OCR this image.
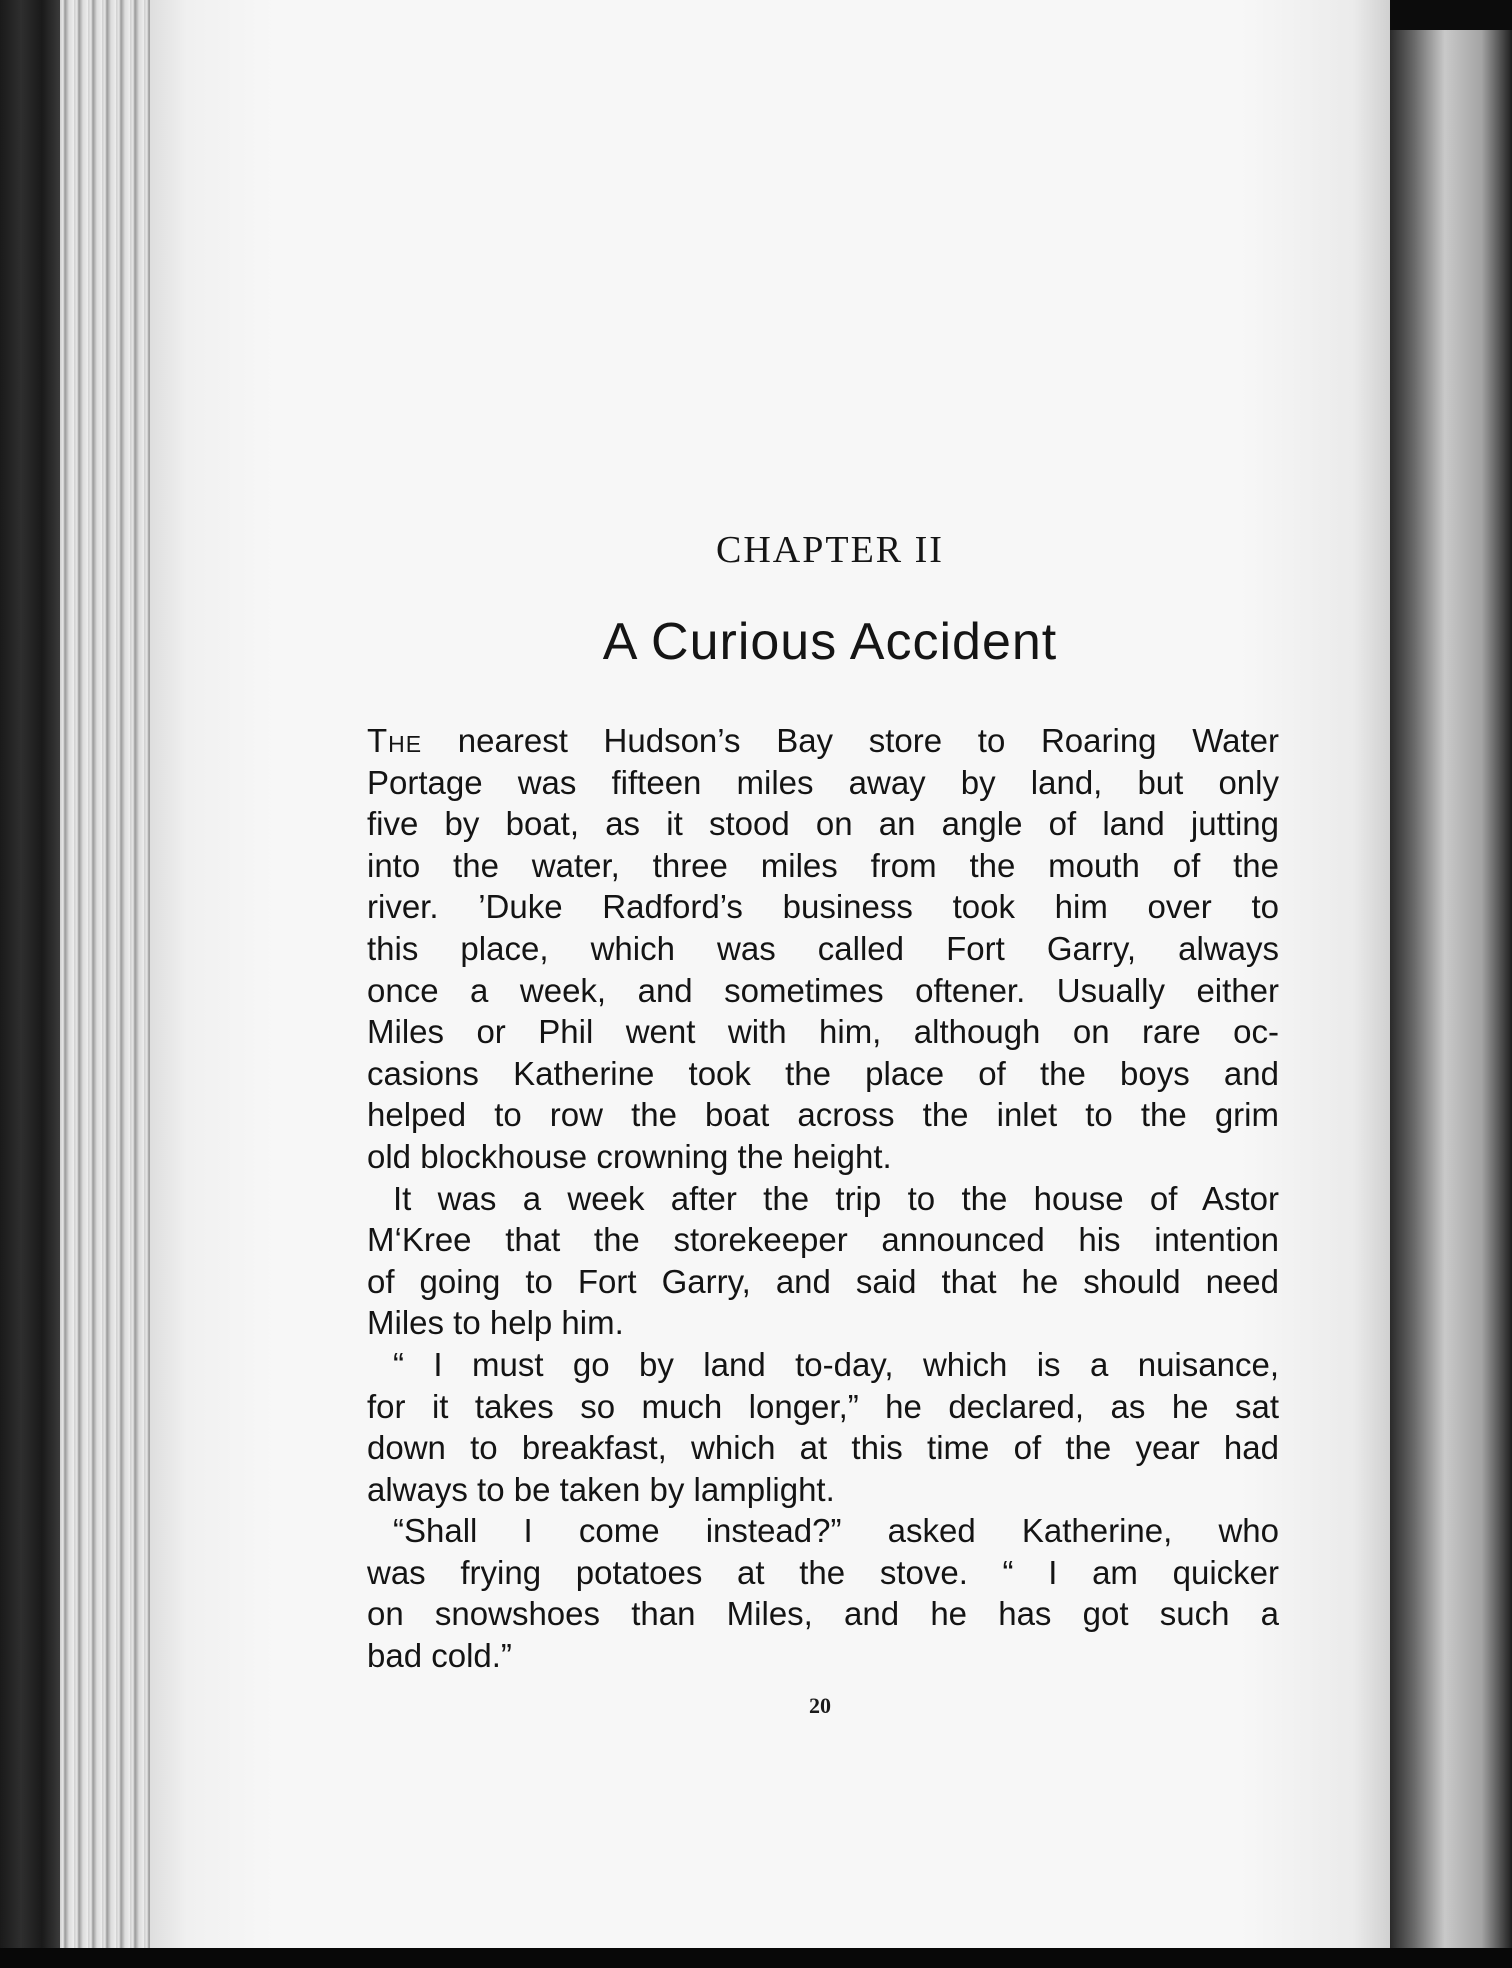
CHAPTER II
A Curious Accident
The nearest Hudson’s Bay store to Roaring Water
Portage was fifteen miles away by land, but only
five by boat, as it stood on an angle of land jutting
into the water, three miles from the mouth of the
river. ’Duke Radford’s business took him over to
this place, which was called Fort Garry, always
once a week, and sometimes oftener. Usually either
Miles or Phil went with him, although on rare oc-
casions Katherine took the place of the boys and
helped to row the boat across the inlet to the grim
old blockhouse crowning the height.
It was a week after the trip to the house of Astor
M‘Kree that the storekeeper announced his intention
of going to Fort Garry, and said that he should need
Miles to help him.
“ I must go by land to-day, which is a nuisance,
for it takes so much longer,” he declared, as he sat
down to breakfast, which at this time of the year had
always to be taken by lamplight.
“Shall I come instead?” asked Katherine, who
was frying potatoes at the stove. “ I am quicker
on snowshoes than Miles, and he has got such a
bad cold.”
20
